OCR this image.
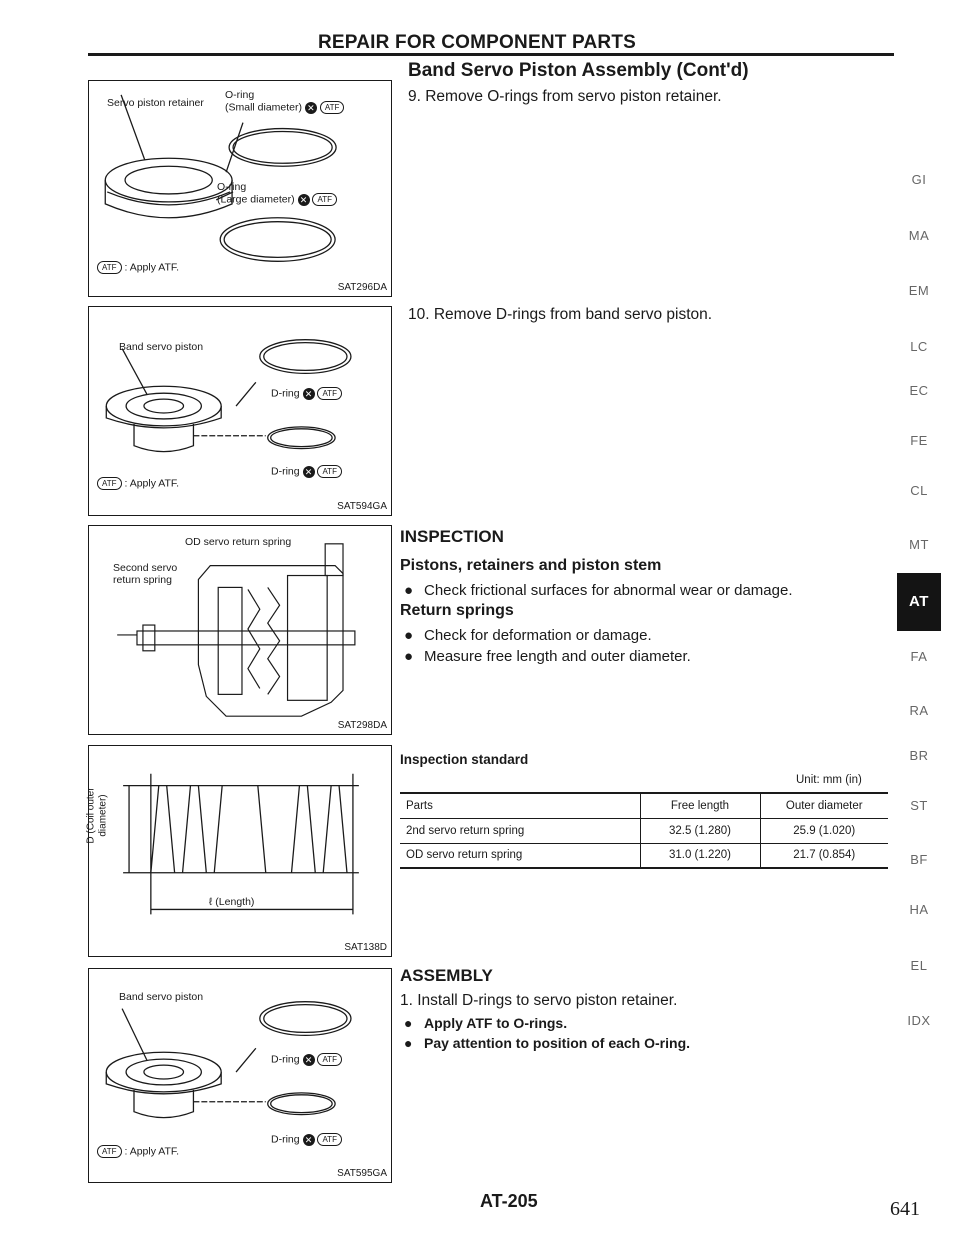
REPAIR FOR COMPONENT PARTS
Band Servo Piston Assembly (Cont'd)
Servo piston retainer
O-ring
(Small diameter) ✕ ATF
O-ring
(Large diameter) ✕ ATF
ATF : Apply ATF.
SAT296DA
Band servo piston
D-ring ✕ ATF
D-ring ✕ ATF
ATF : Apply ATF.
SAT594GA
OD servo return spring
Second servo
return spring
SAT298DA
D (Coil outer
diameter)
ℓ (Length)
SAT138D
Band servo piston
D-ring ✕ ATF
D-ring ✕ ATF
ATF : Apply ATF.
SAT595GA
9. Remove O-rings from servo piston retainer.
10. Remove D-rings from band servo piston.
INSPECTION
Pistons, retainers and piston stem
● Check frictional surfaces for abnormal wear or damage.
Return springs
● Check for deformation or damage.
● Measure free length and outer diameter.
Inspection standard
Unit: mm (in)
Parts	Free length	Outer diameter
2nd servo return spring	32.5 (1.280)	25.9 (1.020)
OD servo return spring	31.0 (1.220)	21.7 (0.854)
ASSEMBLY
1. Install D-rings to servo piston retainer.
● Apply ATF to O-rings.
● Pay attention to position of each O-ring.
GI
MA
EM
LC
EC
FE
CL
MT
AT
FA
RA
BR
ST
BF
HA
EL
IDX
AT-205	641
